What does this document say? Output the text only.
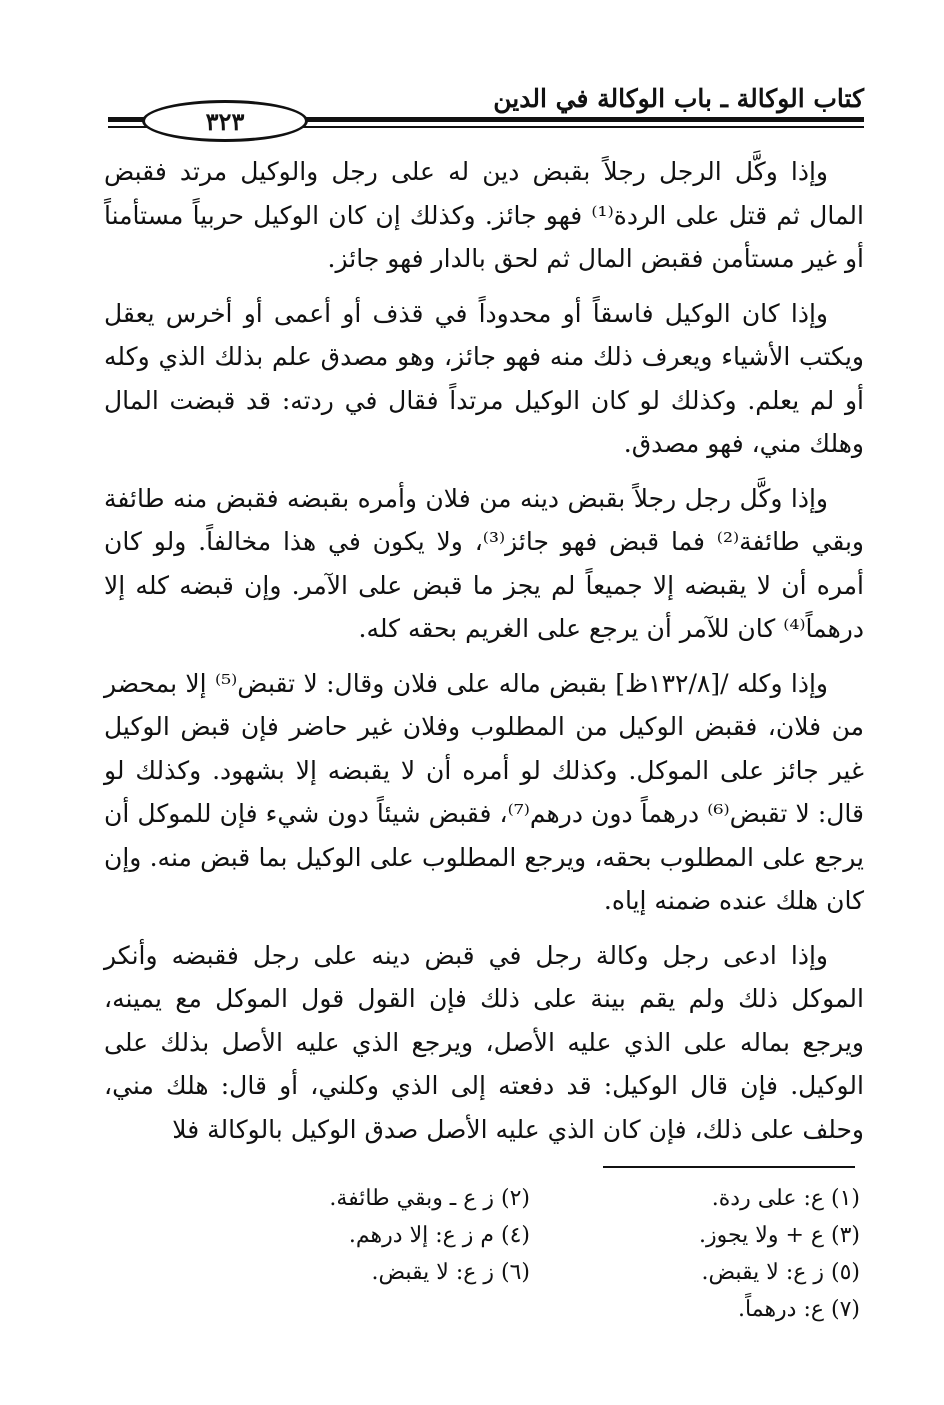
كتاب الوكالة ـ باب الوكالة في الدين
٣٢٣

وإذا وكَّل الرجل رجلاً بقبض دين له على رجل والوكيل مرتد فقبض المال ثم قتل على الردة⁽¹⁾ فهو جائز. وكذلك إن كان الوكيل حربياً مستأمناً أو غير مستأمن فقبض المال ثم لحق بالدار فهو جائز.

وإذا كان الوكيل فاسقاً أو محدوداً في قذف أو أعمى أو أخرس يعقل ويكتب الأشياء ويعرف ذلك منه فهو جائز، وهو مصدق علم بذلك الذي وكله أو لم يعلم. وكذلك لو كان الوكيل مرتداً فقال في ردته: قد قبضت المال وهلك مني، فهو مصدق.

وإذا وكَّل رجل رجلاً بقبض دينه من فلان وأمره بقبضه فقبض منه طائفة وبقي طائفة⁽²⁾ فما قبض فهو جائز⁽³⁾، ولا يكون في هذا مخالفاً. ولو كان أمره أن لا يقبضه إلا جميعاً لم يجز ما قبض على الآمر. وإن قبضه كله إلا درهماً⁽⁴⁾ كان للآمر أن يرجع على الغريم بحقه كله.

وإذا وكله /[١٣٢/٨ظ] بقبض ماله على فلان وقال: لا تقبض⁽⁵⁾ إلا بمحضر من فلان، فقبض الوكيل من المطلوب وفلان غير حاضر فإن قبض الوكيل غير جائز على الموكل. وكذلك لو أمره أن لا يقبضه إلا بشهود. وكذلك لو قال: لا تقبض⁽⁶⁾ درهماً دون درهم⁽⁷⁾، فقبض شيئاً دون شيء فإن للموكل أن يرجع على المطلوب بحقه، ويرجع المطلوب على الوكيل بما قبض منه. وإن كان هلك عنده ضمنه إياه.

وإذا ادعى رجل وكالة رجل في قبض دينه على رجل فقبضه وأنكر الموكل ذلك ولم يقم بينة على ذلك فإن القول قول الموكل مع يمينه، ويرجع بماله على الذي عليه الأصل، ويرجع الذي عليه الأصل بذلك على الوكيل. فإن قال الوكيل: قد دفعته إلى الذي وكلني، أو قال: هلك مني، وحلف على ذلك، فإن كان الذي عليه الأصل صدق الوكيل بالوكالة فلا

(١) ع: على ردة.
(٢) ز ع ـ وبقي طائفة.
(٣) ع + ولا يجوز.
(٤) م ز ع: إلا درهم.
(٥) ز ع: لا يقبض.
(٦) ز ع: لا يقبض.
(٧) ع: درهماً.
